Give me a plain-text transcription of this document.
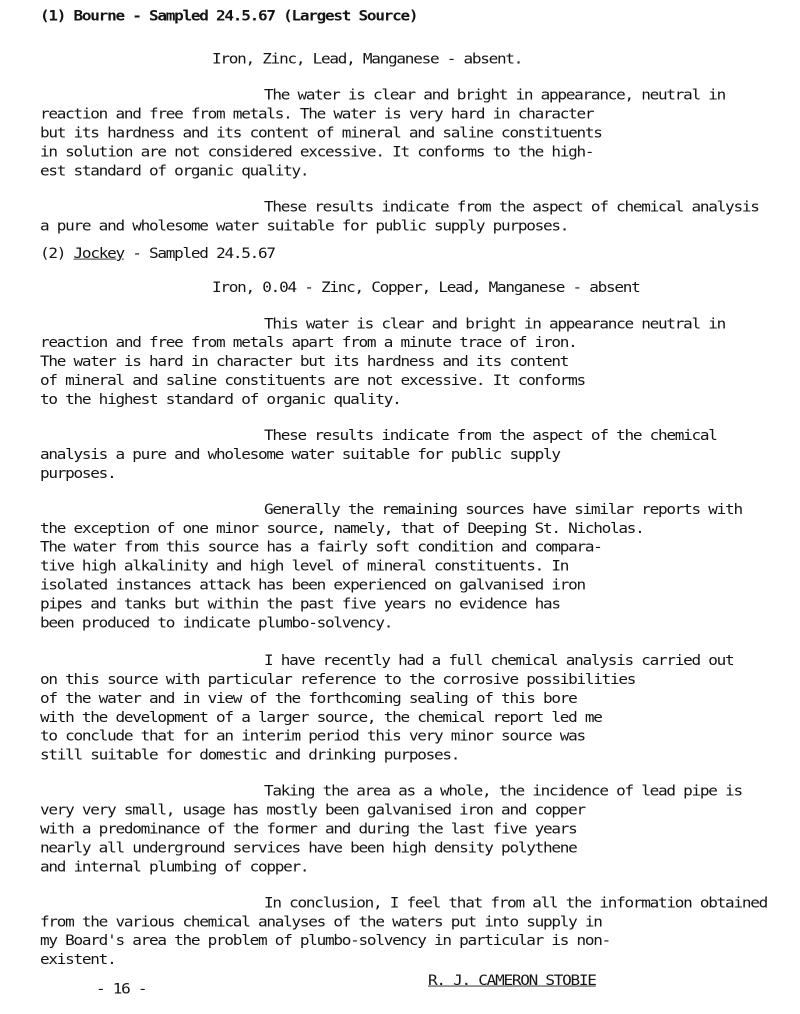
(1) Bourne - Sampled 24.5.67 (Largest Source)
Iron, Zinc, Lead, Manganese - absent.
The water is clear and bright in appearance, neutral in
reaction and free from metals. The water is very hard in character
but its hardness and its content of mineral and saline constituents
in solution are not considered excessive. It conforms to the high-
est standard of organic quality.
These results indicate from the aspect of chemical analysis
a pure and wholesome water suitable for public supply purposes.
(2) Jockey - Sampled 24.5.67
Iron, 0.04 - Zinc, Copper, Lead, Manganese - absent
This water is clear and bright in appearance neutral in
reaction and free from metals apart from a minute trace of iron.
The water is hard in character but its hardness and its content
of mineral and saline constituents are not excessive. It conforms
to the highest standard of organic quality.
These results indicate from the aspect of the chemical
analysis a pure and wholesome water suitable for public supply
purposes.
Generally the remaining sources have similar reports with
the exception of one minor source, namely, that of Deeping St. Nicholas.
The water from this source has a fairly soft condition and compara-
tive high alkalinity and high level of mineral constituents. In
isolated instances attack has been experienced on galvanised iron
pipes and tanks but within the past five years no evidence has
been produced to indicate plumbo-solvency.
I have recently had a full chemical analysis carried out
on this source with particular reference to the corrosive possibilities
of the water and in view of the forthcoming sealing of this bore
with the development of a larger source, the chemical report led me
to conclude that for an interim period this very minor source was
still suitable for domestic and drinking purposes.
Taking the area as a whole, the incidence of lead pipe is
very very small, usage has mostly been galvanised iron and copper
with a predominance of the former and during the last five years
nearly all underground services have been high density polythene
and internal plumbing of copper.
In conclusion, I feel that from all the information obtained
from the various chemical analyses of the waters put into supply in
my Board's area the problem of plumbo-solvency in particular is non-
existent.
- 16 -
R. J. CAMERON STOBIE
